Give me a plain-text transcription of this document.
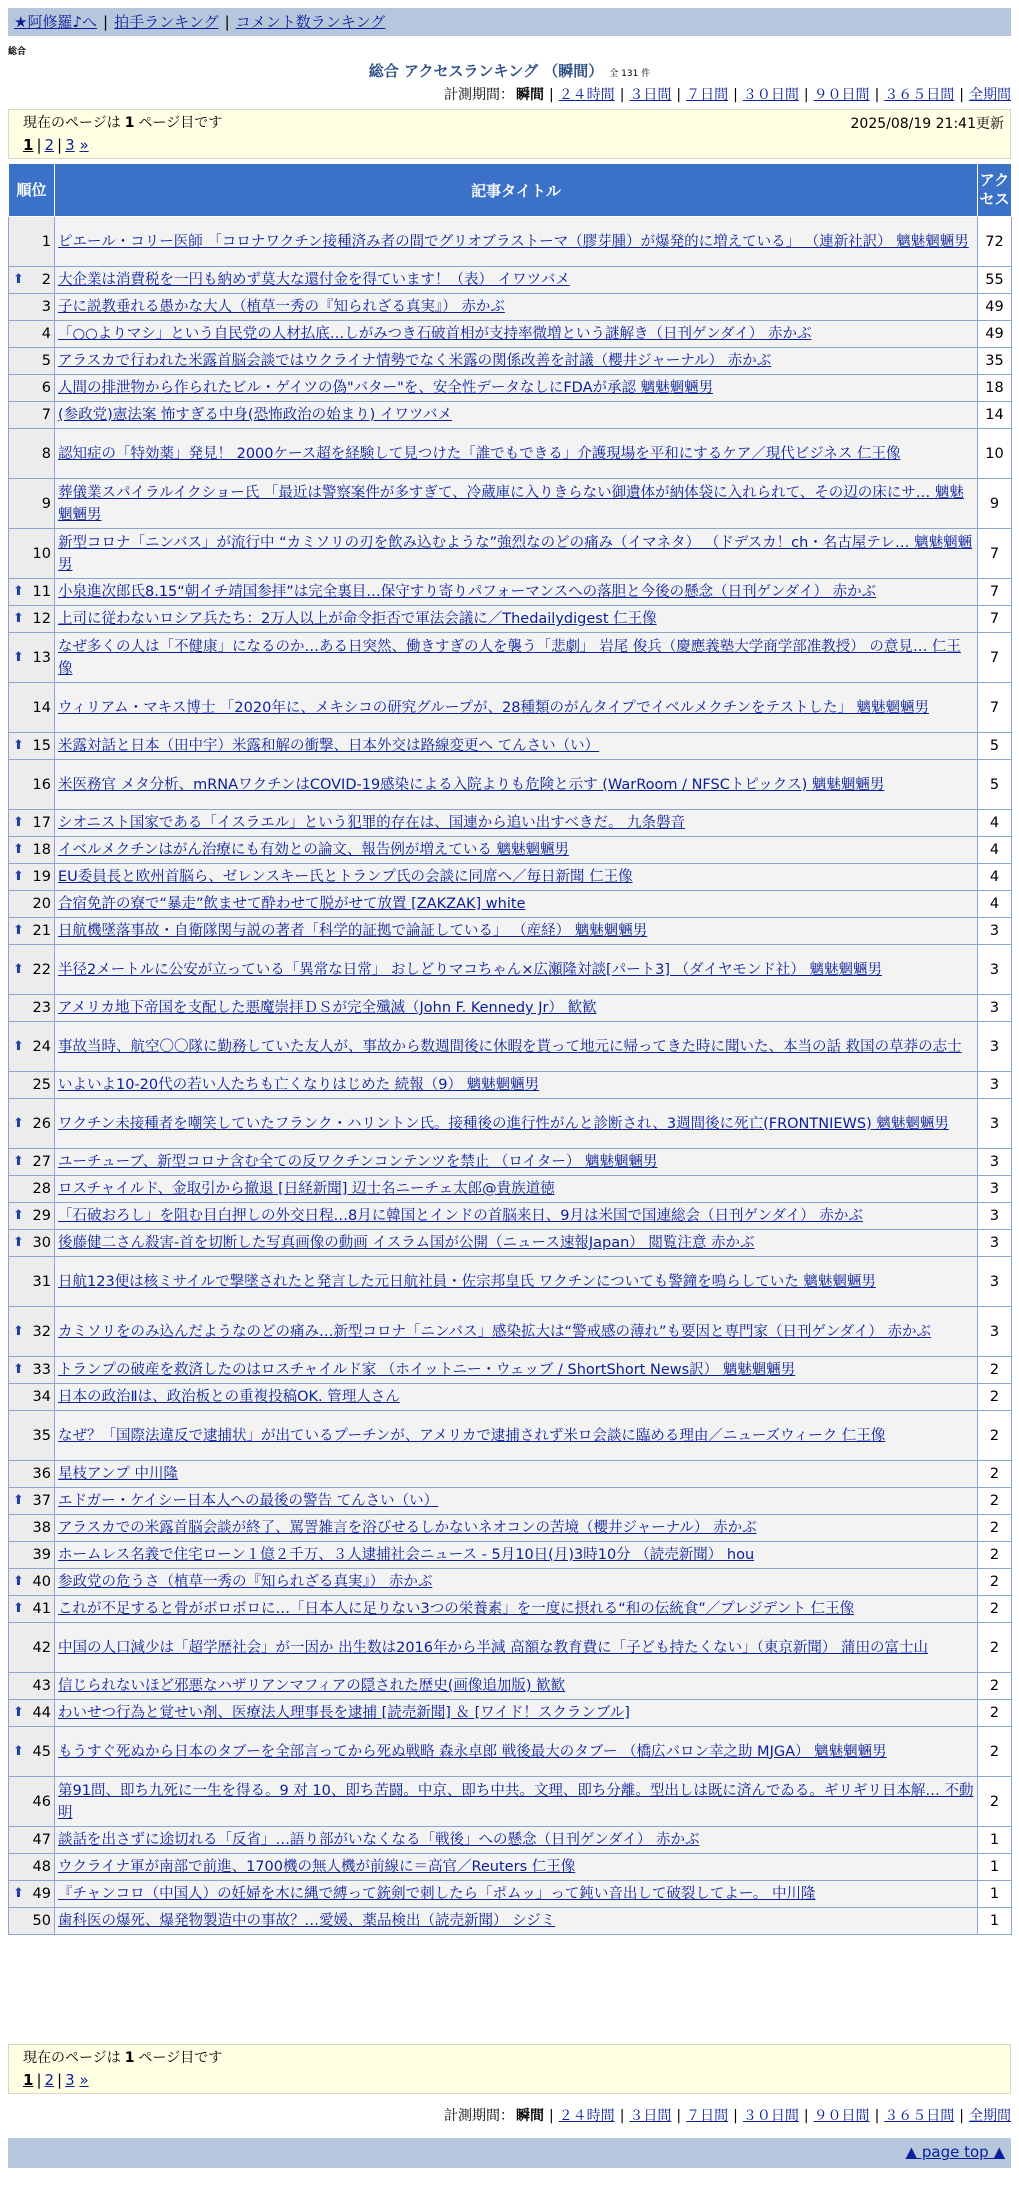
★阿修羅♪へ | 拍手ランキング | コメント数ランキング
総合
総合 アクセスランキング （瞬間） 全 131 件
計測期間： 瞬間 | ２４時間 | ３日間 | ７日間 | ３０日間 | ９０日間 | ３６５日間 | 全期間
現在のページは 1 ページ目です	2025/08/19 21:41更新
1 | 2 | 3 »
順位	記事タイトル	アクセス
1	ピエール・コリー医師 「コロナワクチン接種済み者の間でグリオブラストーマ（膠芽腫）が爆発的に増えている」 （連新社訳） 魑魅魍魎男	72

⬆ 2	大企業は消費税を一円も納めず莫大な還付金を得ています！（表） イワツバメ	55
3	子に説教垂れる愚かな大人（植草一秀の『知られざる真実』） 赤かぶ	49
4	「○○よりマシ」という自民党の人材払底…しがみつき石破首相が支持率微増という謎解き（日刊ゲンダイ） 赤かぶ	49
5	アラスカで行われた米露首脳会談ではウクライナ情勢でなく米露の関係改善を討議（櫻井ジャーナル） 赤かぶ	35
6	人間の排泄物から作られたビル・ゲイツの偽"バター"を、安全性データなしにFDAが承認 魑魅魍魎男	18
7	(参政党)憲法案 怖すぎる中身(恐怖政治の始まり) イワツバメ	14
8	認知症の「特効薬」発見！ 2000ケース超を経験して見つけた「誰でもできる」介護現場を平和にするケア／現代ビジネス 仁王像	10
9	葬儀業スパイラルイクショー氏 「最近は警察案件が多すぎて、冷蔵庫に入りきらない御遺体が納体袋に入れられて、その辺の床にサ… 魑魅魍魎男	9
10	新型コロナ「ニンバス」が流行中 “カミソリの刃を飲み込むような”強烈なのどの痛み（イマネタ） （ドデスカ！ch・名古屋テレ… 魑魅魍魎男	7

⬆ 11	小泉進次郎氏8.15“朝イチ靖国参拝”は完全裏目…保守すり寄りパフォーマンスへの落胆と今後の懸念（日刊ゲンダイ） 赤かぶ	7

⬆ 12	上司に従わないロシア兵たち：2万人以上が命令拒否で軍法会議に／Thedailydigest 仁王像	7

⬆ 13	なぜ多くの人は「不健康」になるのか…ある日突然、働きすぎの人を襲う「悲劇」 岩尾 俊兵（慶應義塾大学商学部准教授） の意見… 仁王像	7
14	ウィリアム・マキス博士 「2020年に、メキシコの研究グループが、28種類のがんタイプでイベルメクチンをテストした」 魑魅魍魎男	7

⬆ 15	米露対話と日本（田中宇）米露和解の衝撃、日本外交は路線変更へ てんさい（い）	5
16	米医務官 メタ分析、mRNAワクチンはCOVID-19感染による入院よりも危険と示す (WarRoom / NFSCトピックス) 魑魅魍魎男	5

⬆ 17	シオニスト国家である「イスラエル」という犯罪的存在は、国連から追い出すべきだ。 九条磐音	4

⬆ 18	イベルメクチンはがん治療にも有効との論文、報告例が増えている 魑魅魍魎男	4

⬆ 19	EU委員長と欧州首脳ら、ゼレンスキー氏とトランプ氏の会談に同席へ／毎日新聞 仁王像	4
20	合宿免許の寮で“暴走”飲ませて酔わせて脱がせて放置 [ZAKZAK] white	4

⬆ 21	日航機墜落事故・自衛隊関与説の著者「科学的証拠で論証している」 （産経） 魑魅魍魎男	3

⬆ 22	半径2メートルに公安が立っている「異常な日常」 おしどりマコちゃん×広瀬隆対談[パート3] （ダイヤモンド社） 魑魅魍魎男	3
23	アメリカ地下帝国を支配した悪魔崇拝ＤＳが完全殲滅（John F. Kennedy Jr） 歓歓	3

⬆ 24	事故当時、航空〇〇隊に勤務していた友人が、事故から数週間後に休暇を貰って地元に帰ってきた時に聞いた、本当の話 救国の草莽の志士	3
25	いよいよ10-20代の若い人たちも亡くなりはじめた 続報（9） 魑魅魍魎男	3

⬆ 26	ワクチン未接種者を嘲笑していたフランク・ハリントン氏。接種後の進行性がんと診断され、3週間後に死亡(FRONTNIEWS) 魑魅魍魎男	3

⬆ 27	ユーチューブ、新型コロナ含む全ての反ワクチンコンテンツを禁止 （ロイター） 魑魅魍魎男	3
28	ロスチャイルド、金取引から撤退 [日経新聞] 辺士名ニーチェ太郎@貴族道徳	3

⬆ 29	「石破おろし」を阻む目白押しの外交日程…8月に韓国とインドの首脳来日、9月は米国で国連総会（日刊ゲンダイ） 赤かぶ	3

⬆ 30	後藤健二さん殺害-首を切断した写真画像の動画 イスラム国が公開（ニュース速報Japan） 閲覧注意 赤かぶ	3
31	日航123便は核ミサイルで撃墜されたと発言した元日航社員・佐宗邦皇氏 ワクチンについても警鐘を鳴らしていた 魑魅魍魎男	3

⬆ 32	カミソリをのみ込んだようなのどの痛み…新型コロナ「ニンバス」感染拡大は“警戒感の薄れ”も要因と専門家（日刊ゲンダイ） 赤かぶ	3

⬆ 33	トランプの破産を救済したのはロスチャイルド家 （ホイットニー・ウェッブ / ShortShort News訳） 魑魅魍魎男	2
34	日本の政治Ⅱは、政治板との重複投稿OK. 管理人さん	2
35	なぜ？「国際法違反で逮捕状」が出ているプーチンが、アメリカで逮捕されず米ロ会談に臨める理由／ニューズウィーク 仁王像	2
36	星枝アンプ 中川隆	2

⬆ 37	エドガー・ケイシー日本人への最後の警告 てんさい（い）	2
38	アラスカでの米露首脳会談が終了、罵詈雑言を浴びせるしかないネオコンの苦境（櫻井ジャーナル） 赤かぶ	2
39	ホームレス名義で住宅ローン１億２千万、３人逮捕社会ニュース - 5月10日(月)3時10分 （読売新聞） hou	2

⬆ 40	参政党の危うさ（植草一秀の『知られざる真実』） 赤かぶ	2

⬆ 41	これが不足すると骨がボロボロに…「日本人に足りない3つの栄養素」を一度に摂れる“和の伝統食”／プレジデント 仁王像	2
42	中国の人口減少は「超学歴社会」が一因か 出生数は2016年から半減 高額な教育費に「子ども持たくない」（東京新聞） 蒲田の富士山	2
43	信じられないほど邪悪なハザリアンマフィアの隠された歴史(画像追加版) 歓歓	2

⬆ 44	わいせつ行為と覚せい剤、医療法人理事長を逮捕 [読売新聞] ＆ [ワイド！スクランブル]	2

⬆ 45	もうすぐ死ぬから日本のタブーを全部言ってから死ぬ戦略 森永卓郎 戦後最大のタブー （橋広バロン幸之助 MJGA） 魑魅魍魎男	2
46	第91問、即ち九死に一生を得る。9 对 10、即ち苦闘。中京、即ち中共。文理、即ち分離。型出しは既に済んでゐる。ギリギリ日本解… 不動明	2
47	談話を出さずに途切れる「反省」…語り部がいなくなる「戦後」への懸念（日刊ゲンダイ） 赤かぶ	1
48	ウクライナ軍が南部で前進、1700機の無人機が前線に＝高官／Reuters 仁王像	1

⬆ 49	『チャンコロ（中国人）の妊婦を木に縄で縛って銃剣で刺したら「ポムッ」って鈍い音出して破裂してよー。 中川隆	1
50	歯科医の爆死、爆発物製造中の事故？…愛媛、薬品検出（読売新聞） シジミ	1
現在のページは 1 ページ目です
1 | 2 | 3 »
計測期間： 瞬間 | ２４時間 | ３日間 | ７日間 | ３０日間 | ９０日間 | ３６５日間 | 全期間
▲ page top ▲
